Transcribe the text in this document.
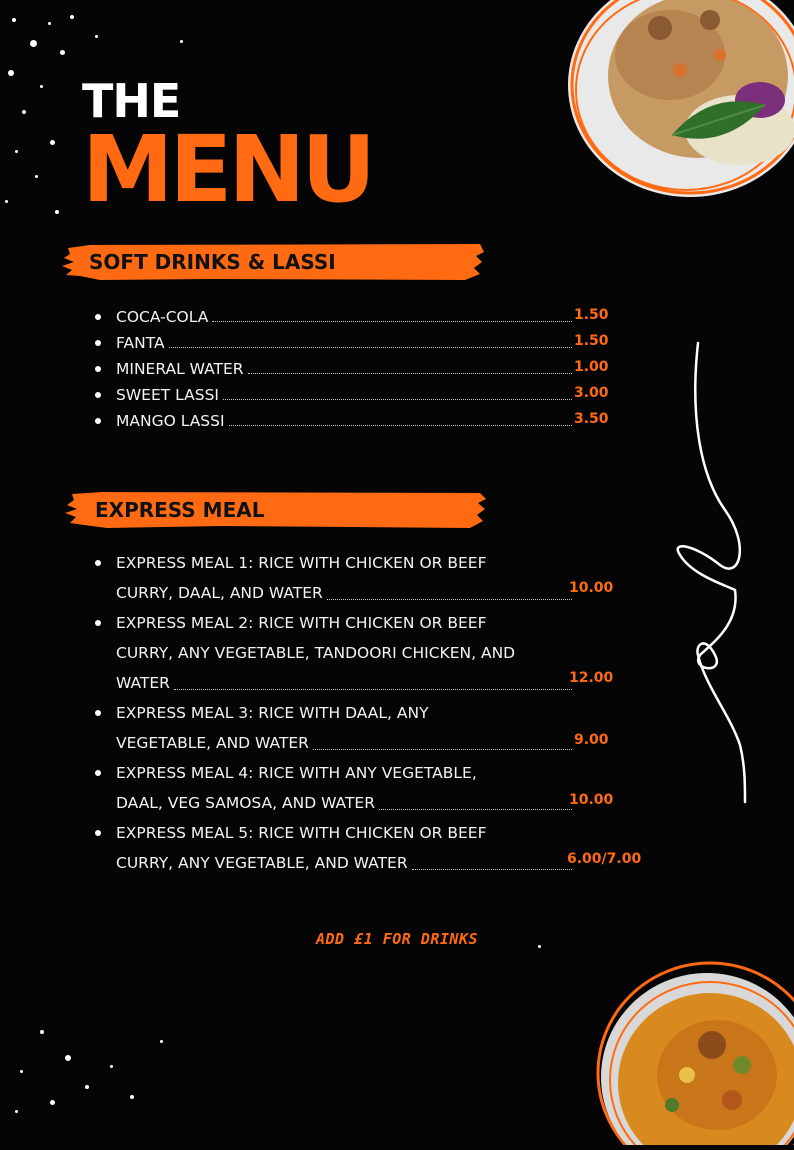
THE
MENU
SOFT DRINKS & LASSI
COCA-COLA
FANTA
MINERAL WATER
SWEET LASSI
MANGO LASSI
1.50
1.50
1.00
3.00
3.50
EXPRESS MEAL
EXPRESS MEAL 1: RICE WITH CHICKEN OR BEEF
CURRY, DAAL, AND WATER
EXPRESS MEAL 2: RICE WITH CHICKEN OR BEEF
CURRY, ANY VEGETABLE, TANDOORI CHICKEN, AND
WATER
EXPRESS MEAL 3: RICE WITH DAAL, ANY
VEGETABLE, AND WATER
EXPRESS MEAL 4: RICE WITH ANY VEGETABLE,
DAAL, VEG SAMOSA, AND WATER
EXPRESS MEAL 5: RICE WITH CHICKEN OR BEEF
CURRY, ANY VEGETABLE, AND WATER
10.00
12.00
9.00
10.00
6.00/7.00
ADD £1 FOR DRINKS
